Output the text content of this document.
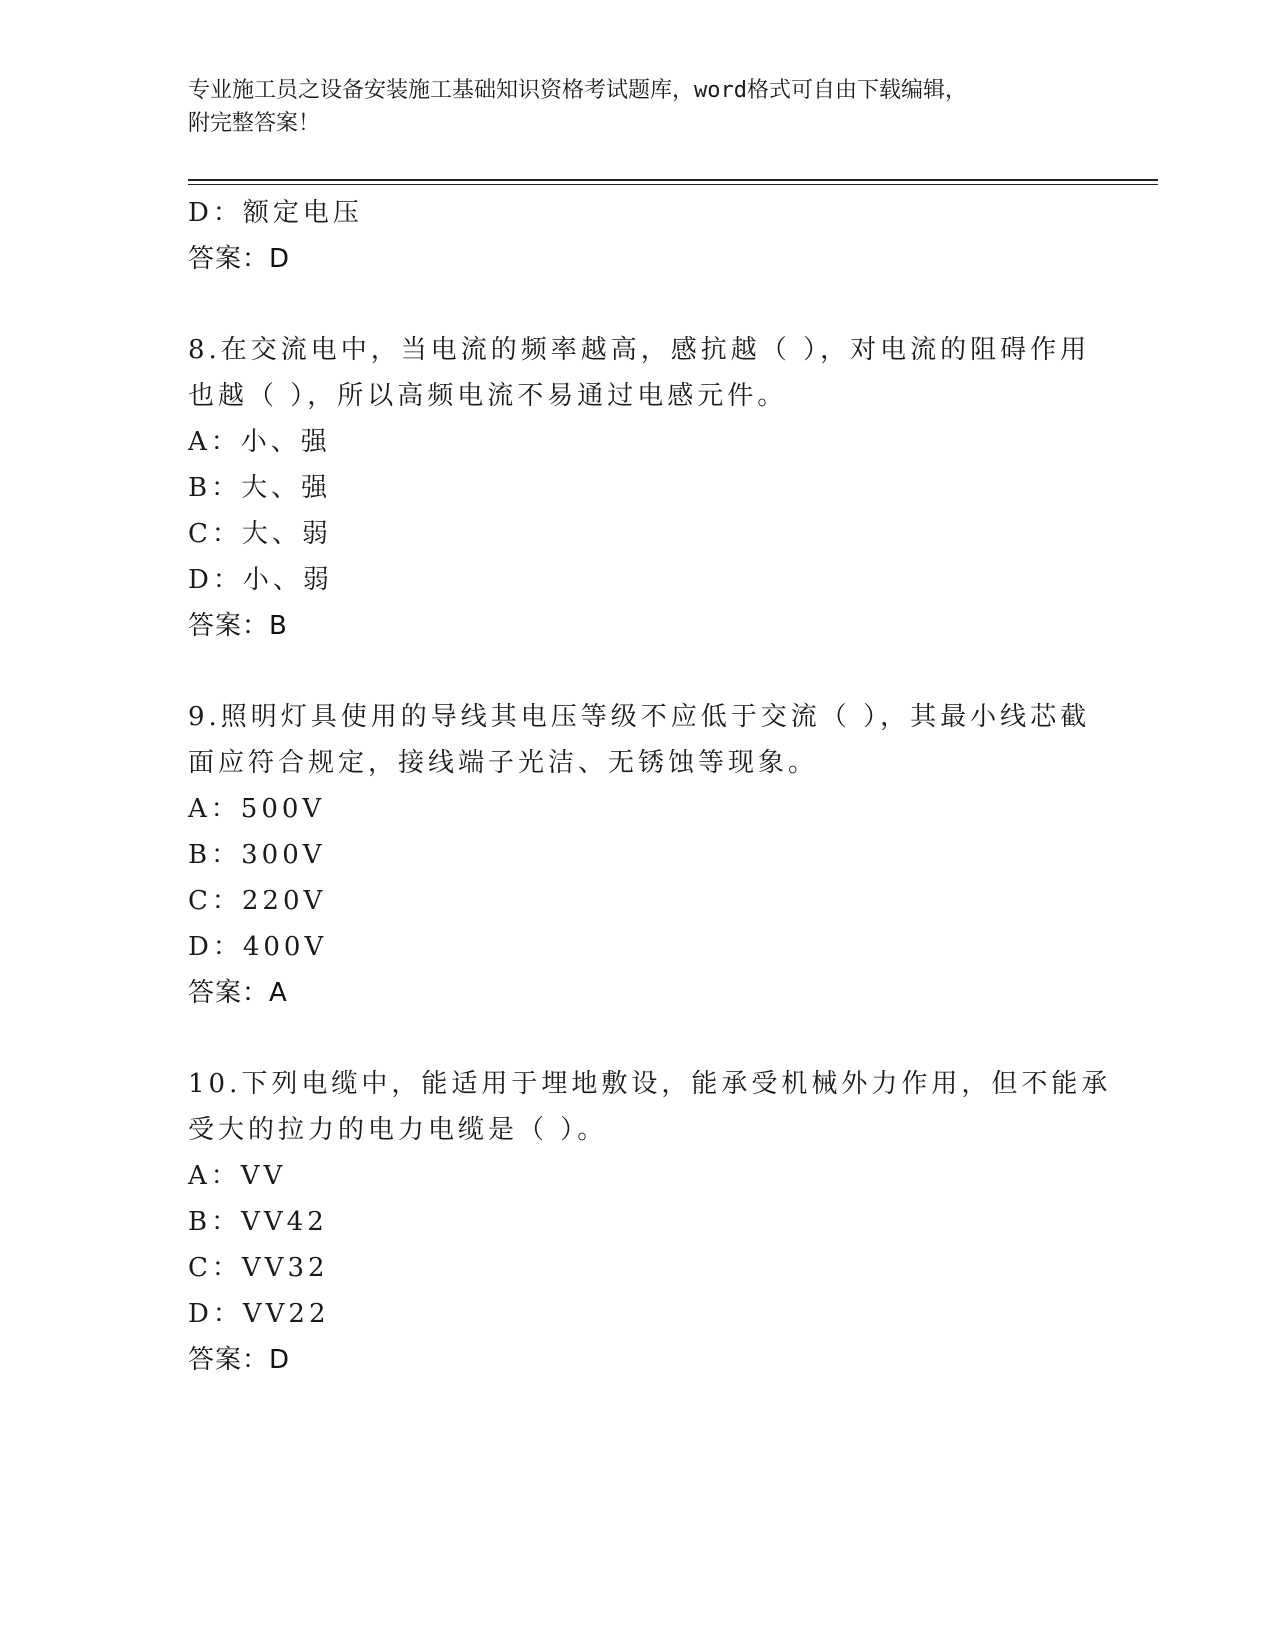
专业施工员之设备安装施工基础知识资格考试题库，word格式可自由下载编辑，
附完整答案！
D：额定电压
答案：D
8.在交流电中，当电流的频率越高，感抗越（ ），对电流的阻碍作用
也越（ ），所以高频电流不易通过电感元件。
A：小、强
B：大、强
C：大、弱
D：小、弱
答案：B
9.照明灯具使用的导线其电压等级不应低于交流（ ），其最小线芯截
面应符合规定，接线端子光洁、无锈蚀等现象。
A：500V
B：300V
C：220V
D：400V
答案：A
10.下列电缆中，能适用于埋地敷设，能承受机械外力作用，但不能承
受大的拉力的电力电缆是（ ）。
A：VV
B：VV42
C：VV32
D：VV22
答案：D
